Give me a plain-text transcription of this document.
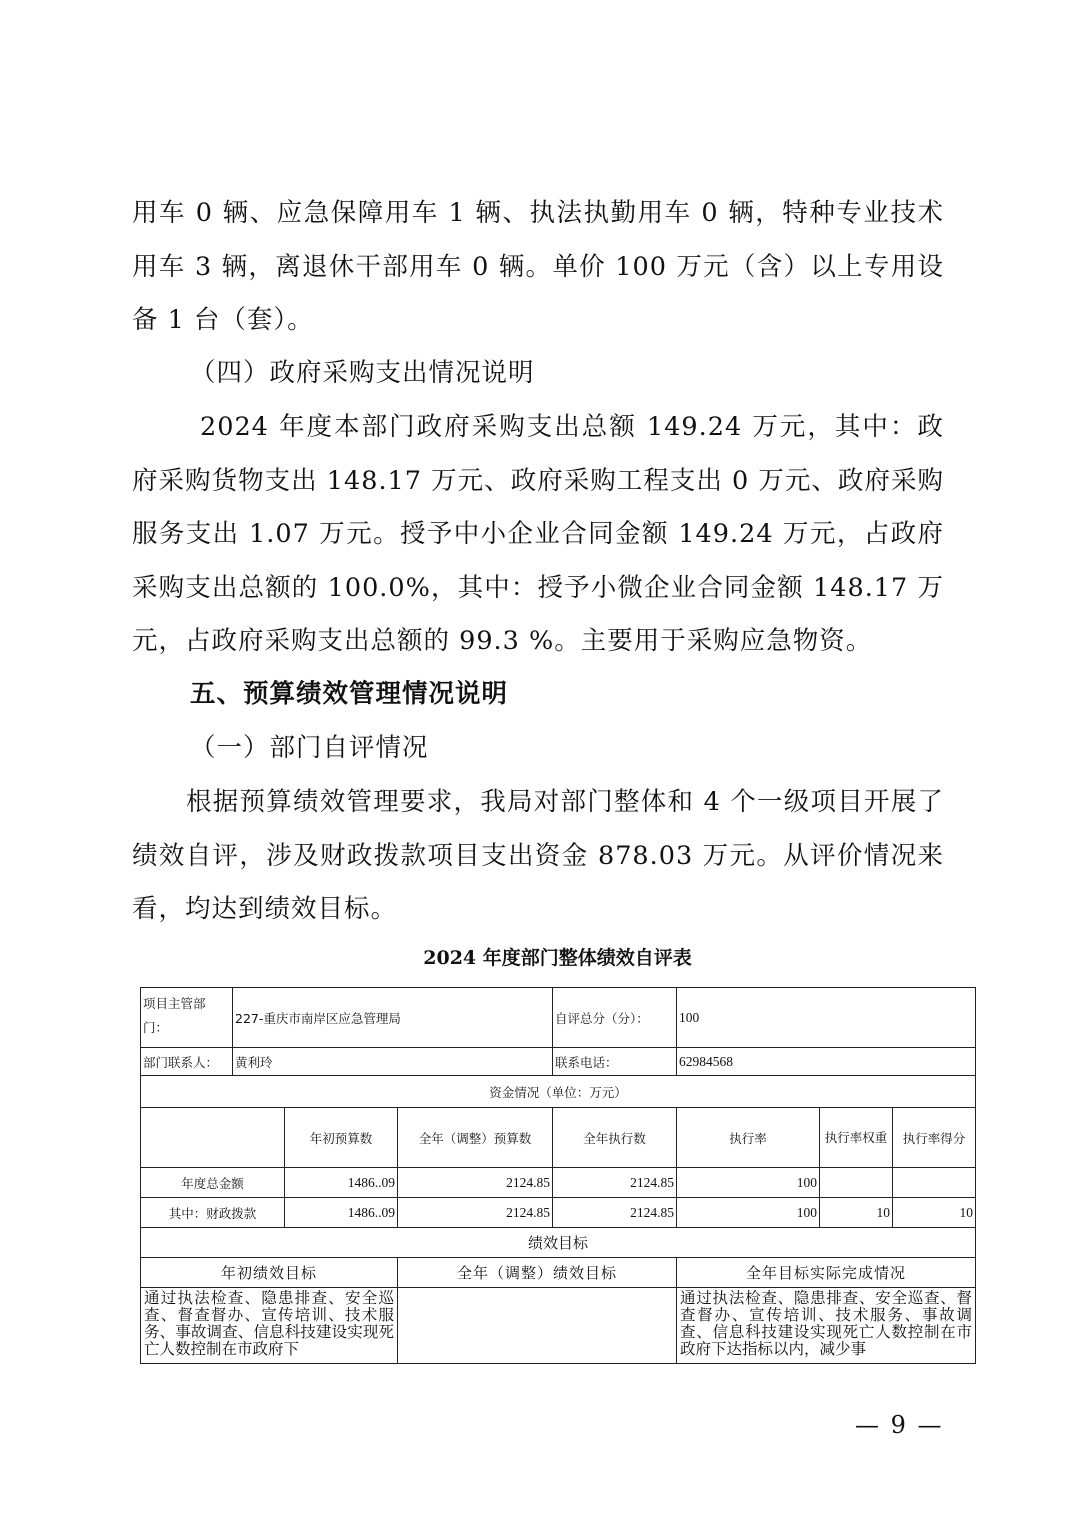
用车 0 辆、应急保障用车 1 辆、执法执勤用车 0 辆，特种专业技术用车 3 辆，离退休干部用车 0 辆。单价 100 万元（含）以上专用设备 1 台（套）。

（四）政府采购支出情况说明

2024 年度本部门政府采购支出总额 149.24 万元，其中：政府采购货物支出 148.17 万元、政府采购工程支出 0 万元、政府采购服务支出 1.07 万元。授予中小企业合同金额 149.24 万元，占政府采购支出总额的 100.0%，其中：授予小微企业合同金额 148.17 万元，占政府采购支出总额的 99.3 %。主要用于采购应急物资。

五、预算绩效管理情况说明

（一）部门自评情况

根据预算绩效管理要求，我局对部门整体和 4 个一级项目开展了绩效自评，涉及财政拨款项目支出资金 878.03 万元。从评价情况来看，均达到绩效目标。

2024 年度部门整体绩效自评表
项目主管部门：	227-重庆市南岸区应急管理局			自评总分（分）：	100		
部门联系人：	黄利玲			联系电话：	62984568		
资金情况（单位：万元）							
		年初预算数	全年（调整）预算数	全年执行数	执行率	执行率权重	执行率得分
年度总金额		1486..09	2124.85	2124.85	100		
其中：财政拨款		1486..09	2124.85	2124.85	100	10	10
绩效目标							
年初绩效目标			全年（调整）绩效目标		全年目标实际完成情况		
通过执法检查、隐患排查、安全巡查、督查督办、宣传培训、技术服务、事故调查、信息科技建设实现死亡人数控制在市政府下					通过执法检查、隐患排查、安全巡查、督查督办、宣传培训、技术服务、事故调查、信息科技建设实现死亡人数控制在市政府下达指标以内，减少事		
— 9 —
